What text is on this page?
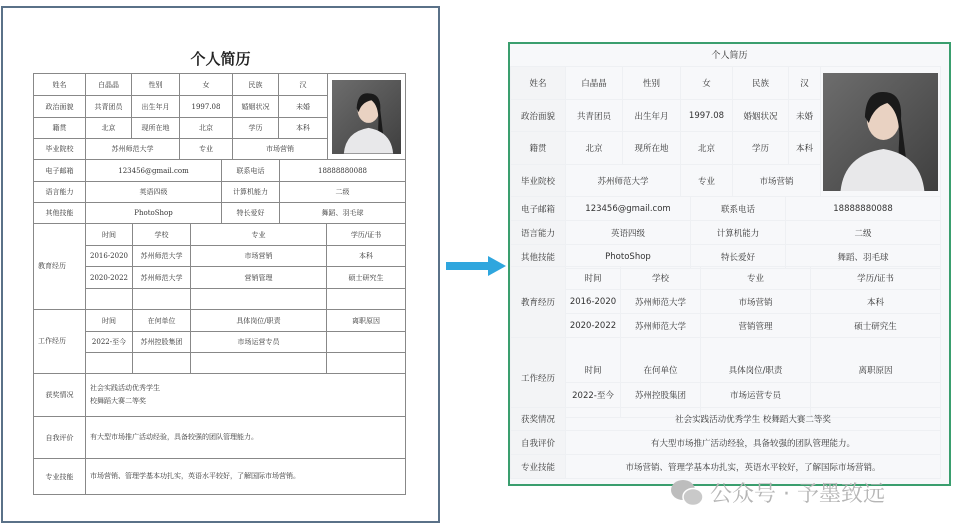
个人简历
姓名	白晶晶	性别	女	民族	汉	

政治面貌	共青团员	出生年月	1997.08	婚姻状况	未婚	
籍贯	北京	现所在地	北京	学历	本科	
毕业院校	苏州师范大学		专业	市场营销		
电子邮箱	123456@gmail.com	联系电话	18888880088
语言能力	英语四级	计算机能力	二级
其他技能	PhotoShop	特长爱好	舞蹈、羽毛球
教育经历	时间	学校	专业	学历/证书
	2016-2020	苏州师范大学	市场营销	本科
	2020-2022	苏州师范大学	营销管理	硕士研究生

工作经历	时间	在何单位	具体岗位/职责	离职原因
	2022-至今	苏州控股集团	市场运营专员	

获奖情况	社会实践活动优秀学生
校舞蹈大赛二等奖

自我评价	有大型市场推广活动经验，具备较强的团队管理能力。
专业技能	市场营销、管理学基本功扎实，英语水平较好，了解国际市场营销。
个人简历
姓名	白晶晶	性别	女	民族	汉	

政治面貌	共青团员	出生年月	1997.08	婚姻状况	未婚	
籍贯	北京	现所在地	北京	学历	本科	
毕业院校	苏州师范大学		专业	市场营销		
电子邮箱	123456@gmail.com	联系电话	18888880088
语言能力	英语四级	计算机能力	二级
其他技能	PhotoShop	特长爱好	舞蹈、羽毛球
教育经历	时间	学校	专业	学历/证书
	2016-2020	苏州师范大学	市场营销	本科
	2020-2022	苏州师范大学	营销管理	硕士研究生
工作经历	时间	在何单位	具体岗位/职责	离职原因
	2022-至今	苏州控股集团	市场运营专员	
获奖情况	社会实践活动优秀学生 校舞蹈大赛二等奖
自我评价	有大型市场推广活动经验，具备较强的团队管理能力。
专业技能	市场营销、管理学基本功扎实，英语水平较好，了解国际市场营销。
公众号 · 予墨致远
